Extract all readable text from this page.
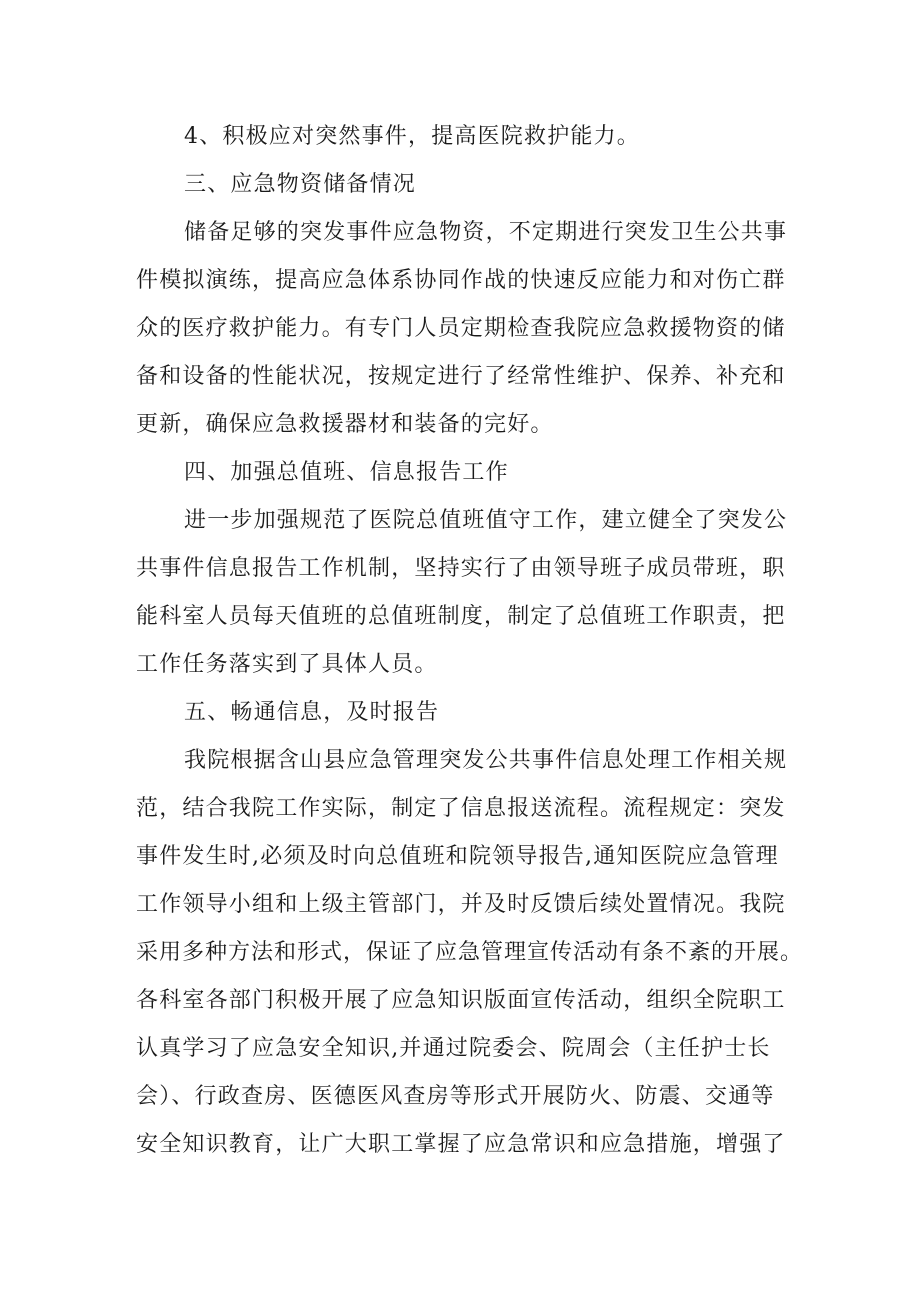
4、积极应对突然事件，提高医院救护能力。
三、应急物资储备情况
储备足够的突发事件应急物资，不定期进行突发卫生公共事
件模拟演练，提高应急体系协同作战的快速反应能力和对伤亡群
众的医疗救护能力。有专门人员定期检查我院应急救援物资的储
备和设备的性能状况，按规定进行了经常性维护、保养、补充和
更新，确保应急救援器材和装备的完好。
四、加强总值班、信息报告工作
进一步加强规范了医院总值班值守工作，建立健全了突发公
共事件信息报告工作机制，坚持实行了由领导班子成员带班，职
能科室人员每天值班的总值班制度，制定了总值班工作职责，把
工作任务落实到了具体人员。
五、畅通信息，及时报告
我院根据含山县应急管理突发公共事件信息处理工作相关规
范，结合我院工作实际，制定了信息报送流程。流程规定：突发
事件发生时,必须及时向总值班和院领导报告,通知医院应急管理
工作领导小组和上级主管部门，并及时反馈后续处置情况。我院
采用多种方法和形式，保证了应急管理宣传活动有条不紊的开展。
各科室各部门积极开展了应急知识版面宣传活动，组织全院职工
认真学习了应急安全知识,并通过院委会、院周会（主任护士长
会）、行政查房、医德医风查房等形式开展防火、防震、交通等
安全知识教育，让广大职工掌握了应急常识和应急措施，增强了
